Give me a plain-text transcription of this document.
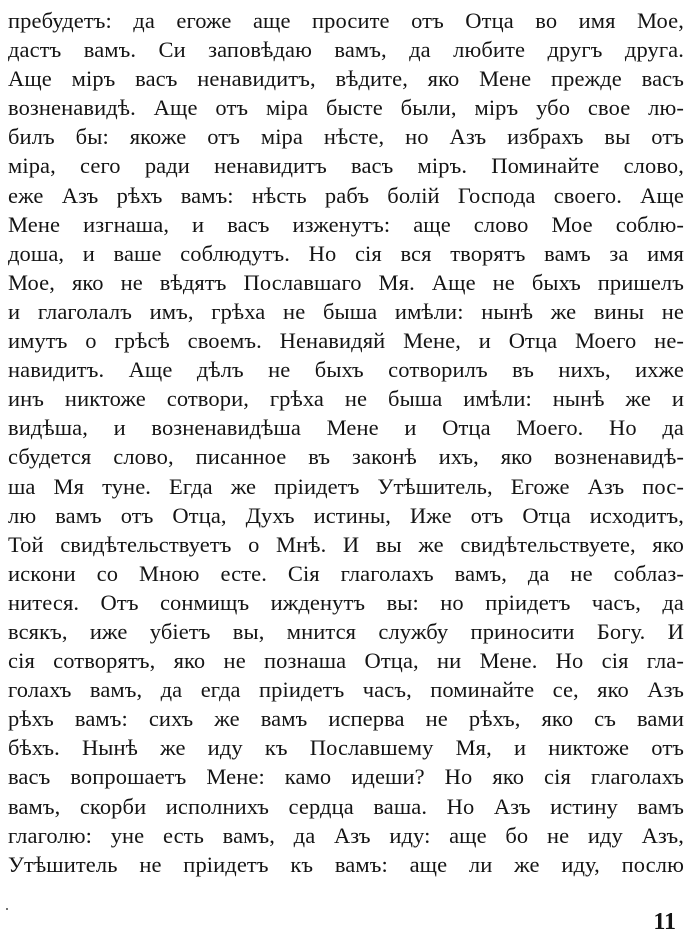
пребудетъ: да егоже аще просите отъ Отца во имя Мое,
дастъ вамъ. Си заповѣдаю вамъ, да любите другъ друга.
Аще міръ васъ ненавидитъ, вѣдите, яко Мене прежде васъ
возненавидѣ. Аще отъ міра бысте были, міръ убо свое лю-
билъ бы: якоже отъ міра нѣсте, но Азъ избрахъ вы отъ
міра, сего ради ненавидитъ васъ міръ. Поминайте слово,
еже Азъ рѣхъ вамъ: нѣсть рабъ болій Господа своего. Аще
Мене изгнаша, и васъ изженутъ: аще слово Мое соблю-
доша, и ваше соблюдутъ. Но сія вся творятъ вамъ за имя
Мое, яко не вѣдятъ Пославшаго Мя. Аще не быхъ пришелъ
и глаголалъ имъ, грѣха не быша имѣли: нынѣ же вины не
имутъ о грѣсѣ своемъ. Ненавидяй Мене, и Отца Моего не-
навидитъ. Аще дѣлъ не быхъ сотворилъ въ нихъ, ихже
инъ никтоже сотвори, грѣха не быша имѣли: нынѣ же и
видѣша, и возненавидѣша Мене и Отца Моего. Но да
сбудется слово, писанное въ законѣ ихъ, яко возненавидѣ-
ша Мя туне. Егда же пріидетъ Утѣшитель, Егоже Азъ пос-
лю вамъ отъ Отца, Духъ истины, Иже отъ Отца исходитъ,
Той свидѣтельствуетъ о Мнѣ. И вы же свидѣтельствуете, яко
искони со Мною есте. Сія глаголахъ вамъ, да не соблаз-
нитеся. Отъ сонмищъ ижденутъ вы: но пріидетъ часъ, да
всякъ, иже убіетъ вы, мнится службу приносити Богу. И
сія сотворятъ, яко не познаша Отца, ни Мене. Но сія гла-
голахъ вамъ, да егда пріидетъ часъ, поминайте се, яко Азъ
рѣхъ вамъ: сихъ же вамъ исперва не рѣхъ, яко съ вами
бѣхъ. Нынѣ же иду къ Пославшему Мя, и никтоже отъ
васъ вопрошаетъ Мене: камо идеши? Но яко сія глаголахъ
вамъ, скорби исполнихъ сердца ваша. Но Азъ истину вамъ
глаголю: уне есть вамъ, да Азъ иду: аще бо не иду Азъ,
Утѣшитель не пріидетъ къ вамъ: аще ли же иду, послю
11
